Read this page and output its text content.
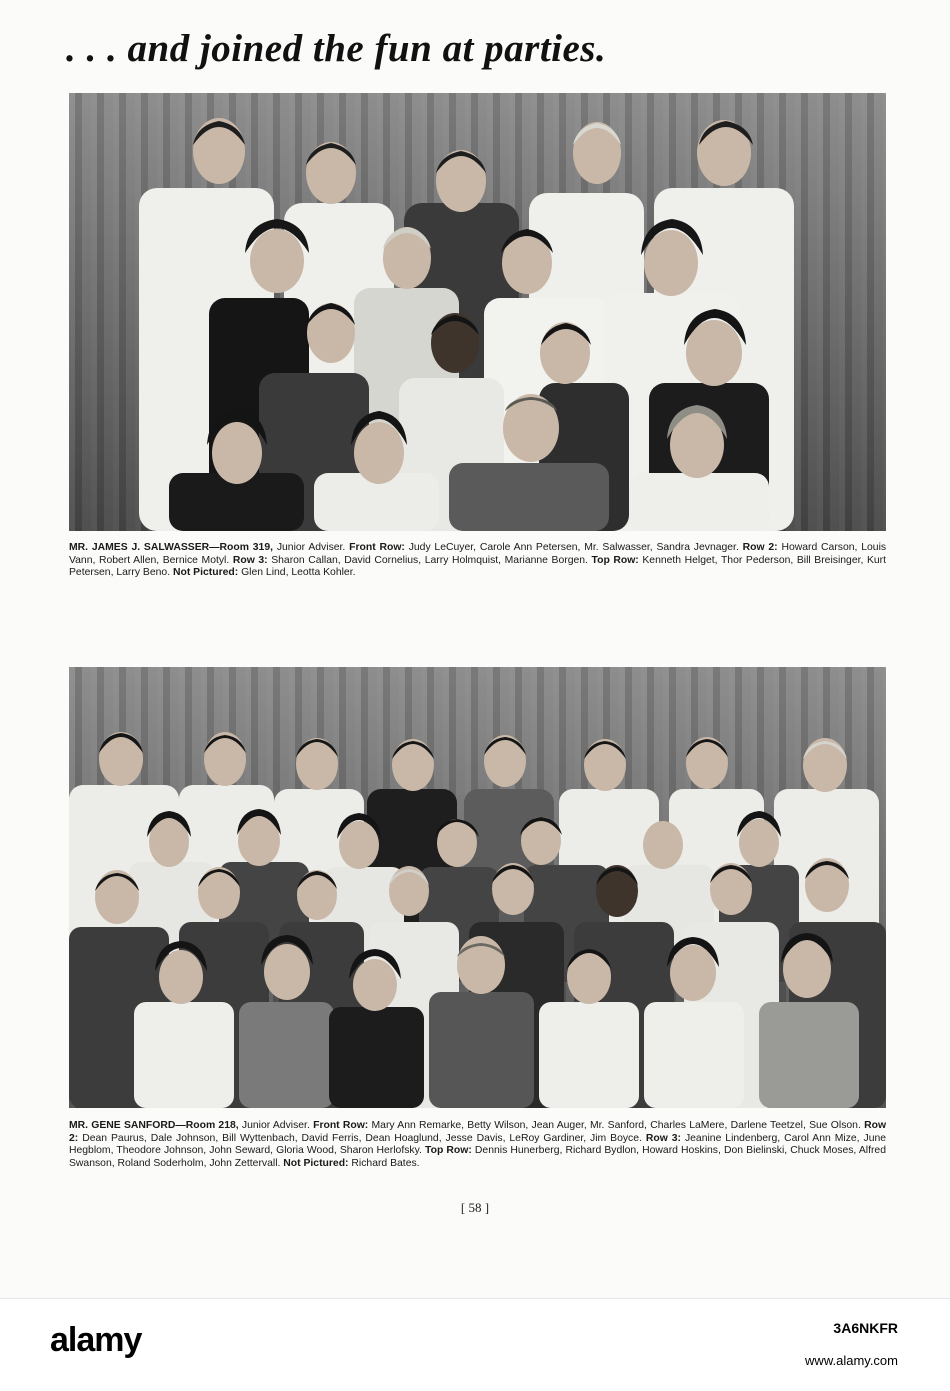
. . . and joined the fun at parties.

MR. JAMES J. SALWASSER—Room 319, Junior Adviser. Front Row: Judy LeCuyer, Carole Ann Petersen, Mr. Salwasser, Sandra Jevnager. Row 2: Howard Carson, Louis Vann, Robert Allen, Bernice Motyl. Row 3: Sharon Callan, David Cornelius, Larry Holmquist, Marianne Borgen. Top Row: Kenneth Helget, Thor Pederson, Bill Breisinger, Kurt Petersen, Larry Beno. Not Pictured: Glen Lind, Leotta Kohler.

MR. GENE SANFORD—Room 218, Junior Adviser. Front Row: Mary Ann Remarke, Betty Wilson, Jean Auger, Mr. Sanford, Charles LaMere, Darlene Teetzel, Sue Olson. Row 2: Dean Paurus, Dale Johnson, Bill Wyttenbach, David Ferris, Dean Hoaglund, Jesse Davis, LeRoy Gardiner, Jim Boyce. Row 3: Jeanine Lindenberg, Carol Ann Mize, June Hegblom, Theodore Johnson, John Seward, Gloria Wood, Sharon Herlofsky. Top Row: Dennis Hunerberg, Richard Bydlon, Howard Hoskins, Don Bielinski, Chuck Moses, Alfred Swanson, Roland Soderholm, John Zettervall. Not Pictured: Richard Bates.

[ 58 ]
alamy	3A6NKFR
www.alamy.com
